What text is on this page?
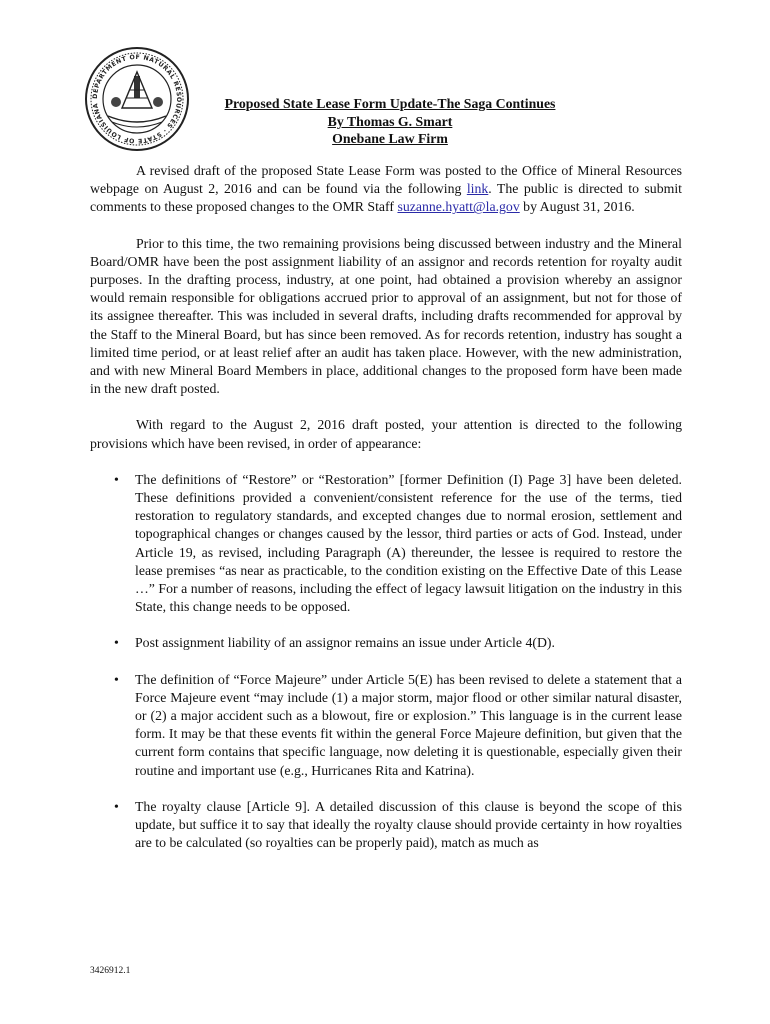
DEPARTMENT OF NATURAL RESOURCES · STATE OF LOUISIANA	Proposed State Lease Form Update-The Saga Continues
By Thomas G. Smart
Onebane Law Firm

A revised draft of the proposed State Lease Form was posted to the Office of Mineral Resources webpage on August 2, 2016 and can be found via the following link. The public is directed to submit comments to these proposed changes to the OMR Staff suzanne.hyatt@la.gov by August 31, 2016.

Prior to this time, the two remaining provisions being discussed between industry and the Mineral Board/OMR have been the post assignment liability of an assignor and records retention for royalty audit purposes. In the drafting process, industry, at one point, had obtained a provision whereby an assignor would remain responsible for obligations accrued prior to approval of an assignment, but not for those of its assignee thereafter. This was included in several drafts, including drafts recommended for approval by the Staff to the Mineral Board, but has since been removed. As for records retention, industry has sought a limited time period, or at least relief after an audit has taken place. However, with the new administration, and with new Mineral Board Members in place, additional changes to the proposed form have been made in the new draft posted.

With regard to the August 2, 2016 draft posted, your attention is directed to the following provisions which have been revised, in order of appearance:

• The definitions of “Restore” or “Restoration” [former Definition (I) Page 3] have been deleted. These definitions provided a convenient/consistent reference for the use of the terms, tied restoration to regulatory standards, and excepted changes due to normal erosion, settlement and topographical changes or changes caused by the lessor, third parties or acts of God. Instead, under Article 19, as revised, including Paragraph (A) thereunder, the lessee is required to restore the lease premises “as near as practicable, to the condition existing on the Effective Date of this Lease …” For a number of reasons, including the effect of legacy lawsuit litigation on the industry in this State, this change needs to be opposed.
• Post assignment liability of an assignor remains an issue under Article 4(D).
• The definition of “Force Majeure” under Article 5(E) has been revised to delete a statement that a Force Majeure event “may include (1) a major storm, major flood or other similar natural disaster, or (2) a major accident such as a blowout, fire or explosion.” This language is in the current lease form. It may be that these events fit within the general Force Majeure definition, but given that the current form contains that specific language, now deleting it is questionable, especially given their routine and important use (e.g., Hurricanes Rita and Katrina).
• The royalty clause [Article 9]. A detailed discussion of this clause is beyond the scope of this update, but suffice it to say that ideally the royalty clause should provide certainty in how royalties are to be calculated (so royalties can be properly paid), match as much as
3426912.1
